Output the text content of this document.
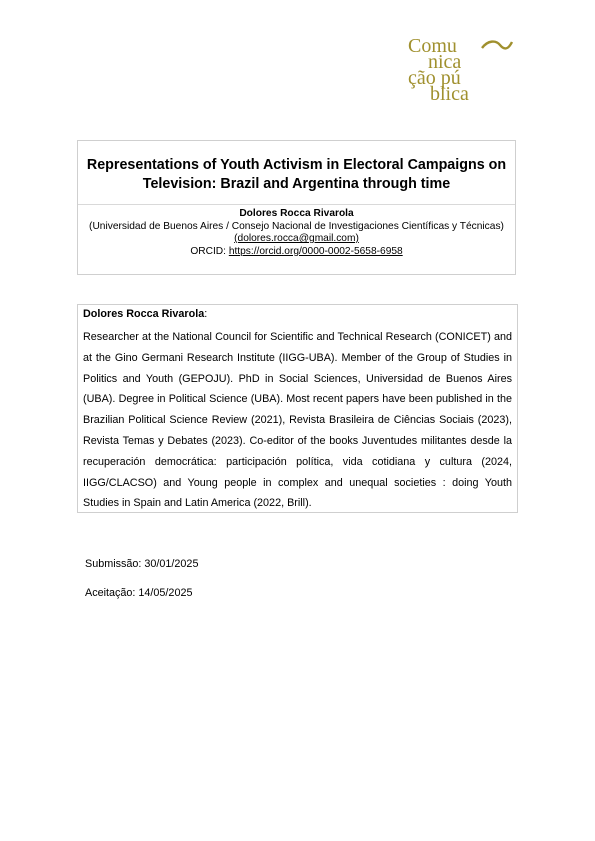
Comu
nica
ção pú
blica
Representations of Youth Activism in Electoral Campaigns on Television: Brazil and Argentina through time
Dolores Rocca Rivarola
(Universidad de Buenos Aires / Consejo Nacional de Investigaciones Científicas y Técnicas)
(dolores.rocca@gmail.com)
ORCID: https://orcid.org/0000-0002-5658-6958
Dolores Rocca Rivarola:
Researcher at the National Council for Scientific and Technical Research (CONICET) and at the Gino Germani Research Institute (IIGG-UBA). Member of the Group of Studies in Politics and Youth (GEPOJU). PhD in Social Sciences, Universidad de Buenos Aires (UBA). Degree in Political Science (UBA). Most recent papers have been published in the Brazilian Political Science Review (2021), Revista Brasileira de Ciências Sociais (2023), Revista Temas y Debates (2023). Co-editor of the books Juventudes militantes desde la recuperación democrática: participación política, vida cotidiana y cultura (2024, IIGG/CLACSO) and Young people in complex and unequal societies : doing Youth Studies in Spain and Latin America (2022, Brill).
Submissão: 30/01/2025
Aceitação: 14/05/2025
